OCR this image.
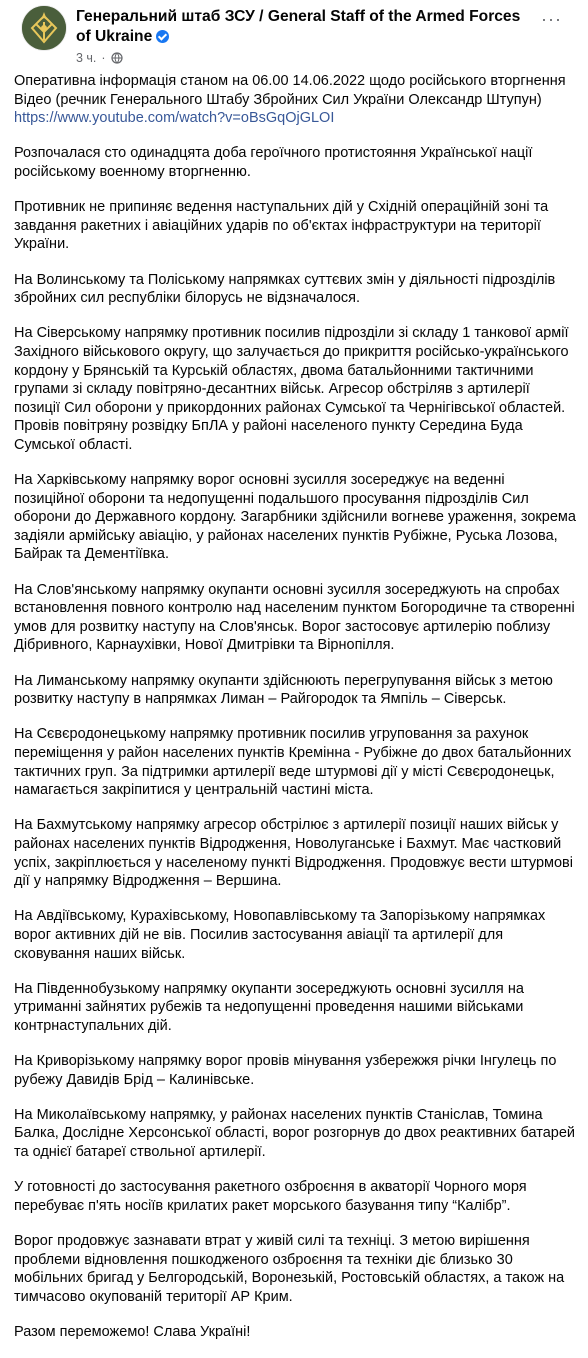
Генеральний штаб ЗСУ / General Staff of the Armed Forces of Ukraine
3 ч. ·
···
Оперативна інформація станом на 06.00 14.06.2022 щодо російського вторгнення
Відео (речник Генерального Штабу Збройних Сил України Олександр Штупун)
https://www.youtube.com/watch?v=oBsGqOjGLOI
Розпочалася сто одинадцята доба героїчного протистояння Української нації російському военному вторгненню.
Противник не припиняє ведення наступальних дій у Східній операційній зоні та завдання ракетних і авіаційних ударів по об'єктах інфраструктури на території України.
На Волинському та Поліському напрямках суттєвих змін у діяльності підрозділів збройних сил республіки білорусь не відзначалося.
На Сіверському напрямку противник посилив підрозділи зі складу 1 танкової армії Західного військового округу, що залучається до прикриття російсько-українського кордону у Брянській та Курській областях, двома батальйонними тактичними групами зі складу повітряно-десантних військ. Агресор обстріляв з артилерії позиції Сил оборони у прикордонних районах Сумської та Чернігівської областей. Провів повітряну розвідку БпЛА у районі населеного пункту Середина Буда Сумської області.
На Харківському напрямку ворог основні зусилля зосереджує на веденні позиційної оборони та недопущенні подальшого просування підрозділів Сил оборони до Державного кордону. Загарбники здійснили вогневе ураження, зокрема задіяли армійську авіацію, у районах населених пунктів Рубіжне, Руська Лозова, Байрак та Дементіївка.
На Слов'янському напрямку окупанти основні зусилля зосереджують на спробах встановлення повного контролю над населеним пунктом Богородичне та створенні умов для розвитку наступу на Слов'янськ. Ворог застосовує артилерію поблизу Дібривного, Карнаухівки, Нової Дмитрівки та Вірнопілля.
На Лиманському напрямку окупанти здійснюють перегрупування військ з метою розвитку наступу в напрямках Лиман – Райгородок та Ямпіль – Сіверськ.
На Сєвєродонецькому напрямку противник посилив угруповання за рахунок переміщення у район населених пунктів Кремінна - Рубіжне до двох батальйонних тактичних груп. За підтримки артилерії веде штурмові дії у місті Сєвєродонецьк, намагається закріпитися у центральній частині міста.
На Бахмутському напрямку агресор обстрілює з артилерії позиції наших військ у районах населених пунктів Відродження, Новолуганське і Бахмут. Має частковий успіх, закріплюється у населеному пункті Відродження. Продовжує вести штурмові дії у напрямку Відродження – Вершина.
На Авдіївському, Курахівському, Новопавлівському та Запорізькому напрямках ворог активних дій не вів. Посилив застосування авіації та артилерії для сковування наших військ.
На Південнобузькому напрямку окупанти зосереджують основні зусилля на утриманні зайнятих рубежів та недопущенні проведення нашими військами контрнаступальних дій.
На Криворізькому напрямку ворог провів мінування узбережжя річки Інгулець по рубежу Давидів Брід – Калинівське.
На Миколаївському напрямку, у районах населених пунктів Станіслав, Томина Балка, Дослідне Херсонської області, ворог розгорнув до двох реактивних батарей та однієї батареї ствольної артилерії.
У готовності до застосування ракетного озброєння в акваторії Чорного моря перебуває п'ять носіїв крилатих ракет морського базування типу “Калібр”.
Ворог продовжує зазнавати втрат у живій силі та техніці. З метою вирішення проблеми відновлення пошкодженого озброєння та техніки діє близько 30 мобільних бригад у Белгородській, Воронезькій, Ростовській областях, а також на тимчасово окупованій території АР Крим.
Разом переможемо! Слава Україні!
